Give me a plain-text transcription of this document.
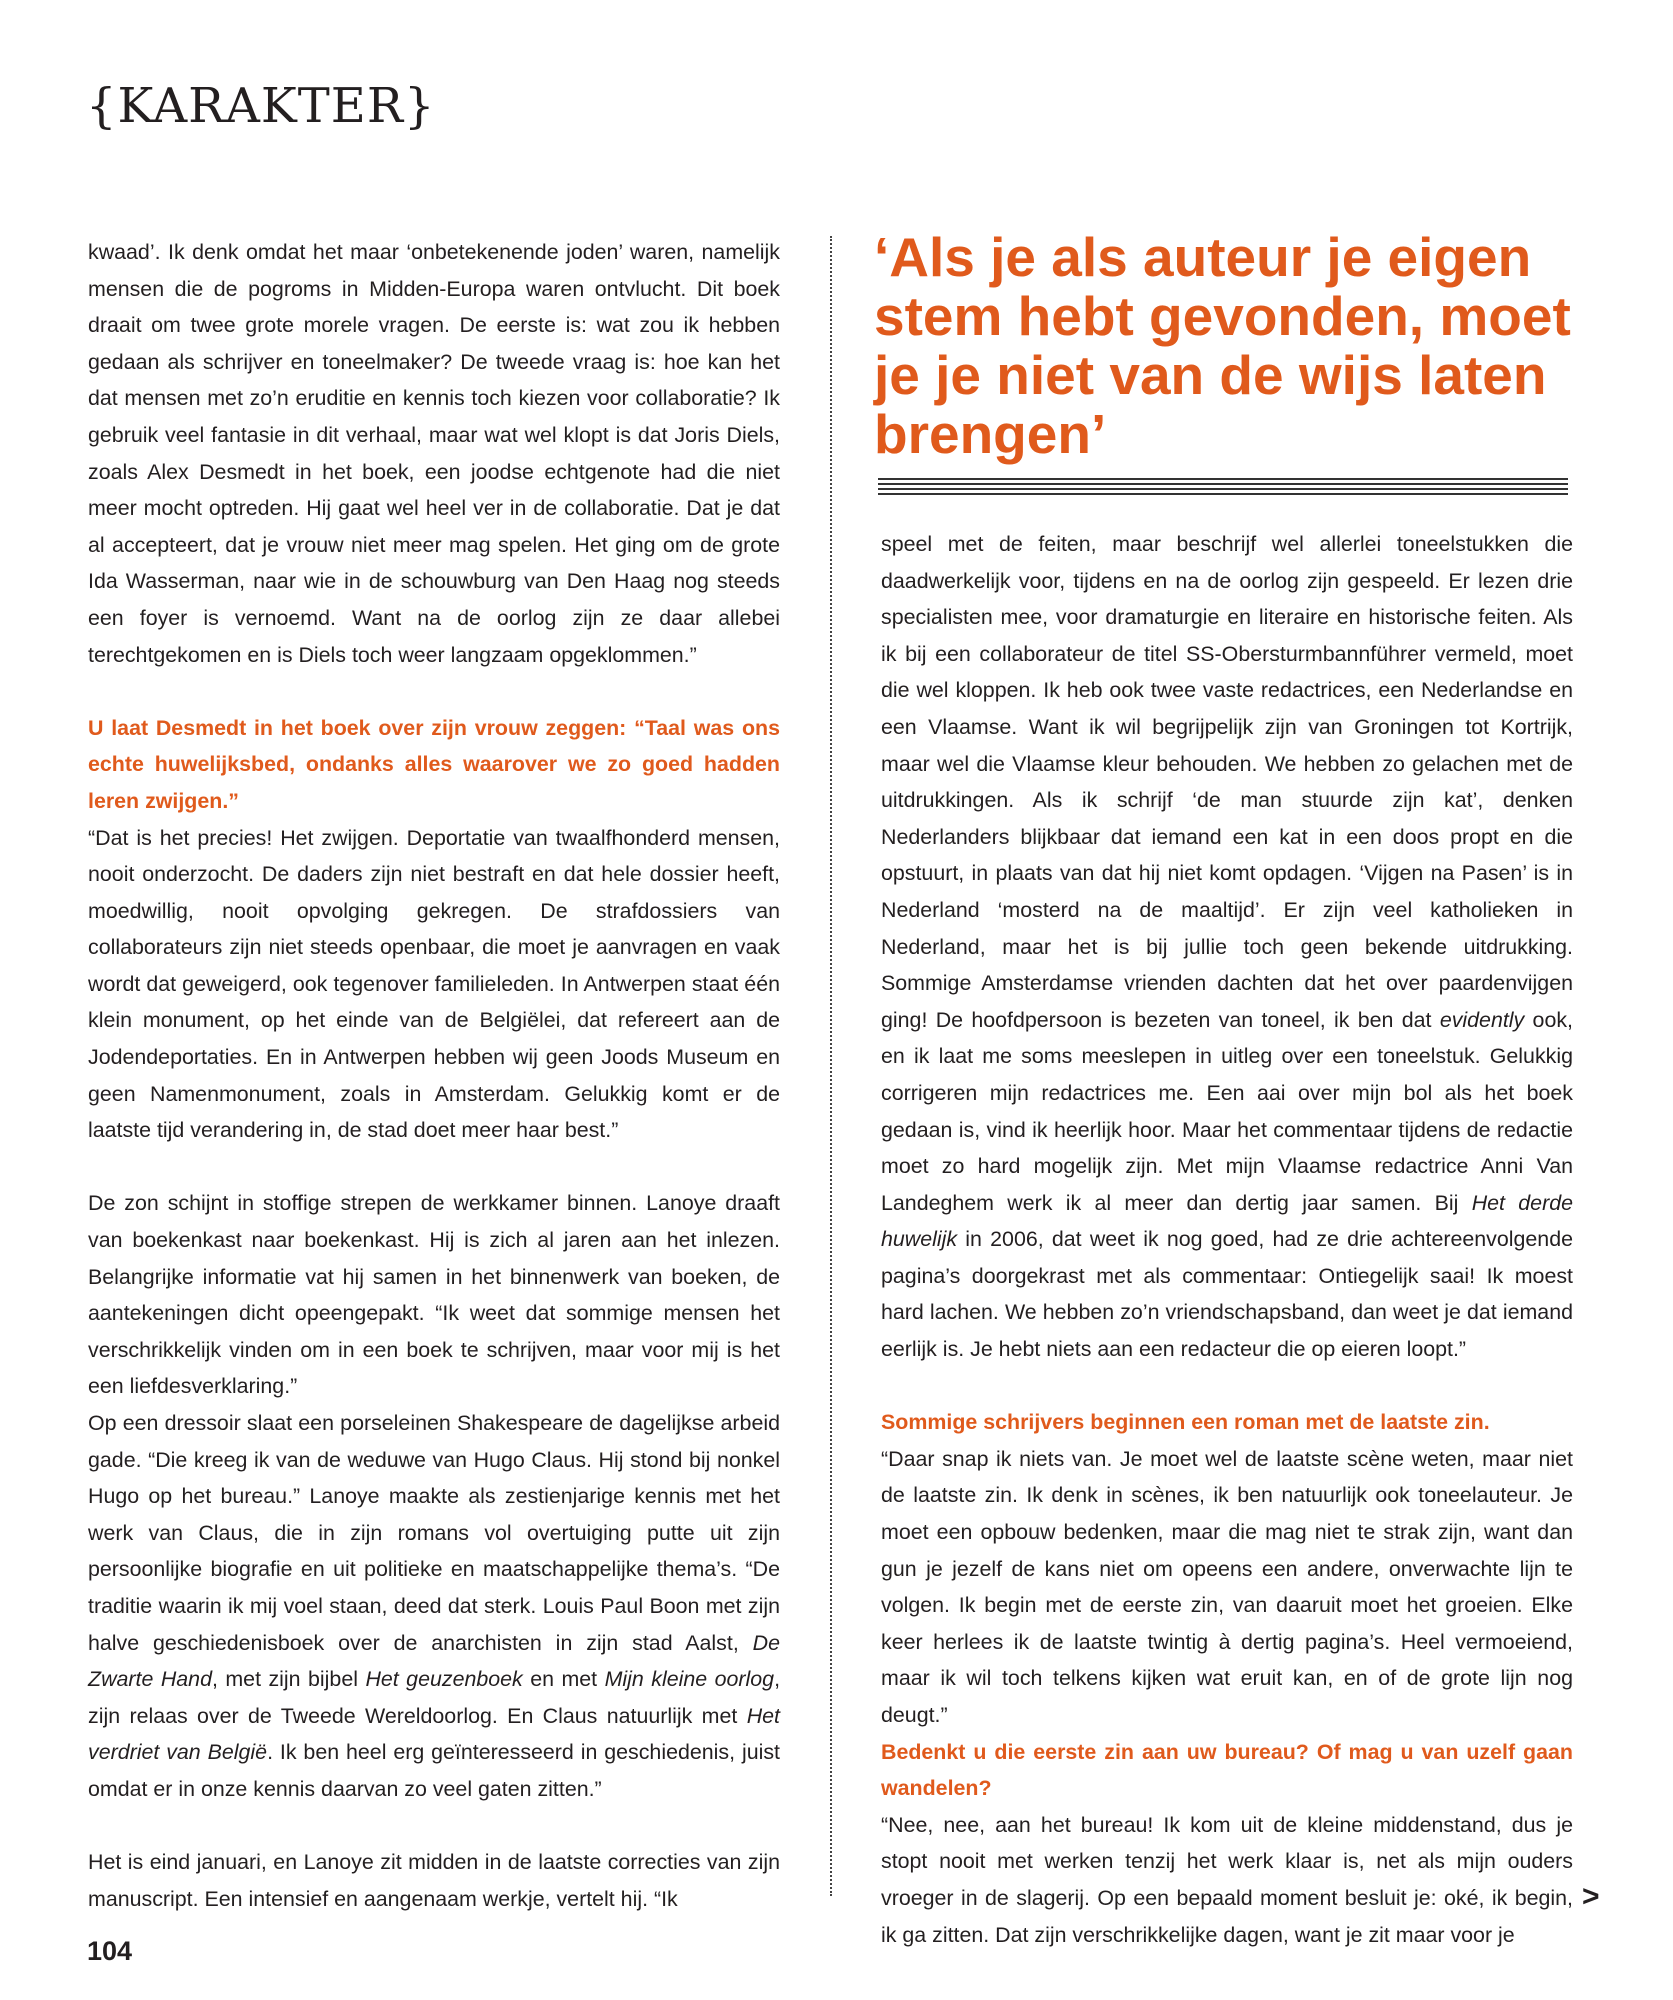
{KARAKTER}

kwaad’. Ik denk omdat het maar ‘onbetekenende joden’ waren, namelijk mensen die de pogroms in Midden-Europa waren ontvlucht. Dit boek draait om twee grote morele vragen. De eerste is: wat zou ik hebben gedaan als schrijver en toneelmaker? De tweede vraag is: hoe kan het dat mensen met zo’n eruditie en kennis toch kiezen voor collaboratie? Ik gebruik veel fantasie in dit verhaal, maar wat wel klopt is dat Joris Diels, zoals Alex Desmedt in het boek, een joodse echtgenote had die niet meer mocht optreden. Hij gaat wel heel ver in de collaboratie. Dat je dat al accepteert, dat je vrouw niet meer mag spelen. Het ging om de grote Ida Wasserman, naar wie in de schouwburg van Den Haag nog steeds een foyer is vernoemd. Want na de oorlog zijn ze daar allebei terechtgekomen en is Diels toch weer langzaam opgeklommen.”

U laat Desmedt in het boek over zijn vrouw zeggen: “Taal was ons echte huwelijksbed, ondanks alles waarover we zo goed hadden leren zwijgen.”

“Dat is het precies! Het zwijgen. Deportatie van twaalfhonderd mensen, nooit onderzocht. De daders zijn niet bestraft en dat hele dossier heeft, moedwillig, nooit opvolging gekregen. De strafdossiers van collaborateurs zijn niet steeds openbaar, die moet je aanvragen en vaak wordt dat geweigerd, ook tegenover familieleden. In Antwerpen staat één klein monument, op het einde van de Belgiëlei, dat refereert aan de Jodendeportaties. En in Antwerpen hebben wij geen Joods Museum en geen Namenmonument, zoals in Amsterdam. Gelukkig komt er de laatste tijd verandering in, de stad doet meer haar best.”

De zon schijnt in stoffige strepen de werkkamer binnen. Lanoye draaft van boekenkast naar boekenkast. Hij is zich al jaren aan het inlezen. Belangrijke informatie vat hij samen in het binnenwerk van boeken, de aantekeningen dicht opeengepakt. “Ik weet dat sommige mensen het verschrikkelijk vinden om in een boek te schrijven, maar voor mij is het een liefdesverklaring.”

Op een dressoir slaat een porseleinen Shakespeare de dagelijkse arbeid gade. “Die kreeg ik van de weduwe van Hugo Claus. Hij stond bij nonkel Hugo op het bureau.” Lanoye maakte als zestienjarige kennis met het werk van Claus, die in zijn romans vol overtuiging putte uit zijn persoonlijke biografie en uit politieke en maatschappelijke thema’s. “De traditie waarin ik mij voel staan, deed dat sterk. Louis Paul Boon met zijn halve geschiedenisboek over de anarchisten in zijn stad Aalst, De Zwarte Hand, met zijn bijbel Het geuzenboek en met Mijn kleine oorlog, zijn relaas over de Tweede Wereldoorlog. En Claus natuurlijk met Het verdriet van België. Ik ben heel erg geïnteresseerd in geschiedenis, juist omdat er in onze kennis daarvan zo veel gaten zitten.”

Het is eind januari, en Lanoye zit midden in de laatste correcties van zijn manuscript. Een intensief en aangenaam werkje, vertelt hij. “Ik

‘Als je als auteur je eigen stem hebt gevonden, moet je je niet van de wijs laten brengen’

speel met de feiten, maar beschrijf wel allerlei toneelstukken die daadwerkelijk voor, tijdens en na de oorlog zijn gespeeld. Er lezen drie specialisten mee, voor dramaturgie en literaire en historische feiten. Als ik bij een collaborateur de titel SS-Obersturmbannführer vermeld, moet die wel kloppen. Ik heb ook twee vaste redactrices, een Nederlandse en een Vlaamse. Want ik wil begrijpelijk zijn van Groningen tot Kortrijk, maar wel die Vlaamse kleur behouden. We hebben zo gelachen met de uitdrukkingen. Als ik schrijf ‘de man stuurde zijn kat’, denken Nederlanders blijkbaar dat iemand een kat in een doos propt en die opstuurt, in plaats van dat hij niet komt opdagen. ‘Vijgen na Pasen’ is in Nederland ‘mosterd na de maaltijd’. Er zijn veel katholieken in Nederland, maar het is bij jullie toch geen bekende uitdrukking. Sommige Amsterdamse vrienden dachten dat het over paardenvijgen ging! De hoofdpersoon is bezeten van toneel, ik ben dat evidently ook, en ik laat me soms meeslepen in uitleg over een toneelstuk. Gelukkig corrigeren mijn redactrices me. Een aai over mijn bol als het boek gedaan is, vind ik heerlijk hoor. Maar het commentaar tijdens de redactie moet zo hard mogelijk zijn. Met mijn Vlaamse redactrice Anni Van Landeghem werk ik al meer dan dertig jaar samen. Bij Het derde huwelijk in 2006, dat weet ik nog goed, had ze drie achtereenvolgende pagina’s doorgekrast met als commentaar: Ontiegelijk saai! Ik moest hard lachen. We hebben zo’n vriendschapsband, dan weet je dat iemand eerlijk is. Je hebt niets aan een redacteur die op eieren loopt.”

Sommige schrijvers beginnen een roman met de laatste zin.

“Daar snap ik niets van. Je moet wel de laatste scène weten, maar niet de laatste zin. Ik denk in scènes, ik ben natuurlijk ook toneelauteur. Je moet een opbouw bedenken, maar die mag niet te strak zijn, want dan gun je jezelf de kans niet om opeens een andere, onverwachte lijn te volgen. Ik begin met de eerste zin, van daaruit moet het groeien. Elke keer herlees ik de laatste twintig à dertig pagina’s. Heel vermoeiend, maar ik wil toch telkens kijken wat eruit kan, en of de grote lijn nog deugt.”

Bedenkt u die eerste zin aan uw bureau? Of mag u van uzelf gaan wandelen?

“Nee, nee, aan het bureau! Ik kom uit de kleine middenstand, dus je stopt nooit met werken tenzij het werk klaar is, net als mijn ouders vroeger in de slagerij. Op een bepaald moment besluit je: oké, ik begin, ik ga zitten. Dat zijn verschrikkelijke dagen, want je zit maar voor je

104
>
